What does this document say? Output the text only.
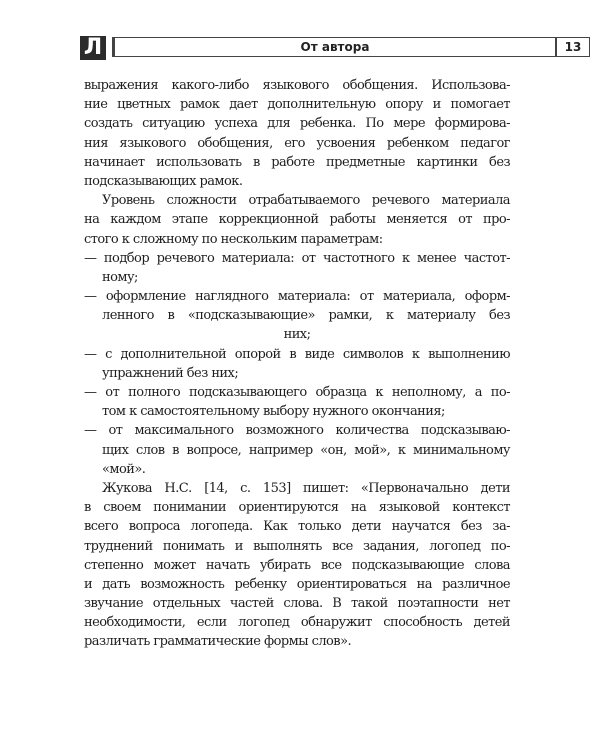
Л	От автора	13
выражения какого-либо языкового обобщения. Использова-
ние цветных рамок дает дополнительную опору и помогает
создать ситуацию успеха для ребенка. По мере формирова-
ния языкового обобщения, его усвоения ребенком педагог
начинает использовать в работе предметные картинки без
подсказывающих рамок.
Уровень сложности отрабатываемого речевого материала
на каждом этапе коррекционной работы меняется от про-
стого к сложному по нескольким параметрам:
— подбор речевого материала: от частотного к менее частот-
ному;
— оформление наглядного материала: от материала, оформ-
ленного в «подсказывающие» рамки, к материалу без
них;
— с дополнительной опорой в виде символов к выполнению
упражнений без них;
— от полного подсказывающего образца к неполному, а по-
том к самостоятельному выбору нужного окончания;
— от максимального возможного количества подсказываю-
щих слов в вопросе, например «он, мой», к минимальному
«мой».
Жукова Н.С. [14, с. 153] пишет: «Первоначально дети
в своем понимании ориентируются на языковой контекст
всего вопроса логопеда. Как только дети научатся без за-
труднений понимать и выполнять все задания, логопед по-
степенно может начать убирать все подсказывающие слова
и дать возможность ребенку ориентироваться на различное
звучание отдельных частей слова. В такой поэтапности нет
необходимости, если логопед обнаружит способность детей
различать грамматические формы слов».
